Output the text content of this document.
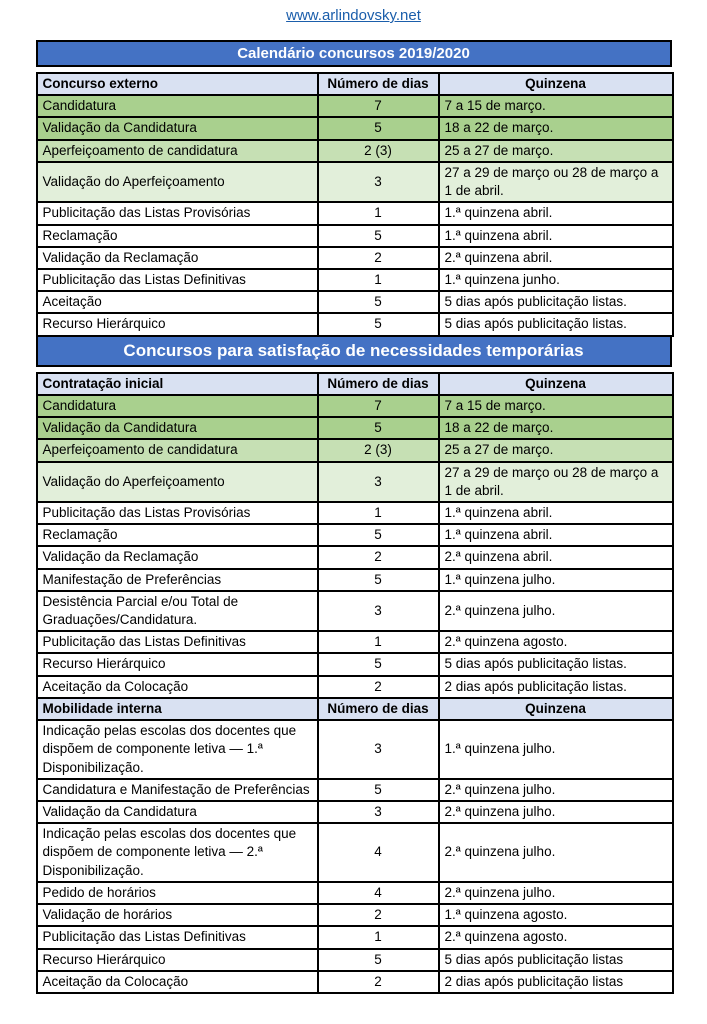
www.arlindovsky.net
Calendário concursos 2019/2020
Concurso externo	Número de dias	Quinzena
Candidatura	7	7 a 15 de março.
Validação da Candidatura	5	18 a 22 de março.
Aperfeiçoamento de candidatura	2 (3)	25 a 27 de março.
Validação do Aperfeiçoamento	3	27 a 29 de março ou 28 de março a 1 de abril.
Publicitação das Listas Provisórias	1	1.ª quinzena abril.
Reclamação	5	1.ª quinzena abril.
Validação da Reclamação	2	2.ª quinzena abril.
Publicitação das Listas Definitivas	1	1.ª quinzena junho.
Aceitação	5	5 dias após publicitação listas.
Recurso Hierárquico	5	5 dias após publicitação listas.
Concursos para satisfação de necessidades temporárias
Contratação inicial	Número de dias	Quinzena
Candidatura	7	7 a 15 de março.
Validação da Candidatura	5	18 a 22 de março.
Aperfeiçoamento de candidatura	2 (3)	25 a 27 de março.
Validação do Aperfeiçoamento	3	27 a 29 de março ou 28 de março a 1 de abril.
Publicitação das Listas Provisórias	1	1.ª quinzena abril.
Reclamação	5	1.ª quinzena abril.
Validação da Reclamação	2	2.ª quinzena abril.
Manifestação de Preferências	5	1.ª quinzena julho.
Desistência Parcial e/ou Total de Graduações/Candidatura.	3	2.ª quinzena julho.
Publicitação das Listas Definitivas	1	2.ª quinzena agosto.
Recurso Hierárquico	5	5 dias após publicitação listas.
Aceitação da Colocação	2	2 dias após publicitação listas.
Mobilidade interna	Número de dias	Quinzena
Indicação pelas escolas dos docentes que dispõem de componente letiva — 1.ª Disponibilização.	3	1.ª quinzena julho.
Candidatura e Manifestação de Preferências	5	2.ª quinzena julho.
Validação da Candidatura	3	2.ª quinzena julho.
Indicação pelas escolas dos docentes que dispõem de componente letiva — 2.ª Disponibilização.	4	2.ª quinzena julho.
Pedido de horários	4	2.ª quinzena julho.
Validação de horários	2	1.ª quinzena agosto.
Publicitação das Listas Definitivas	1	2.ª quinzena agosto.
Recurso Hierárquico	5	5 dias após publicitação listas
Aceitação da Colocação	2	2 dias após publicitação listas
